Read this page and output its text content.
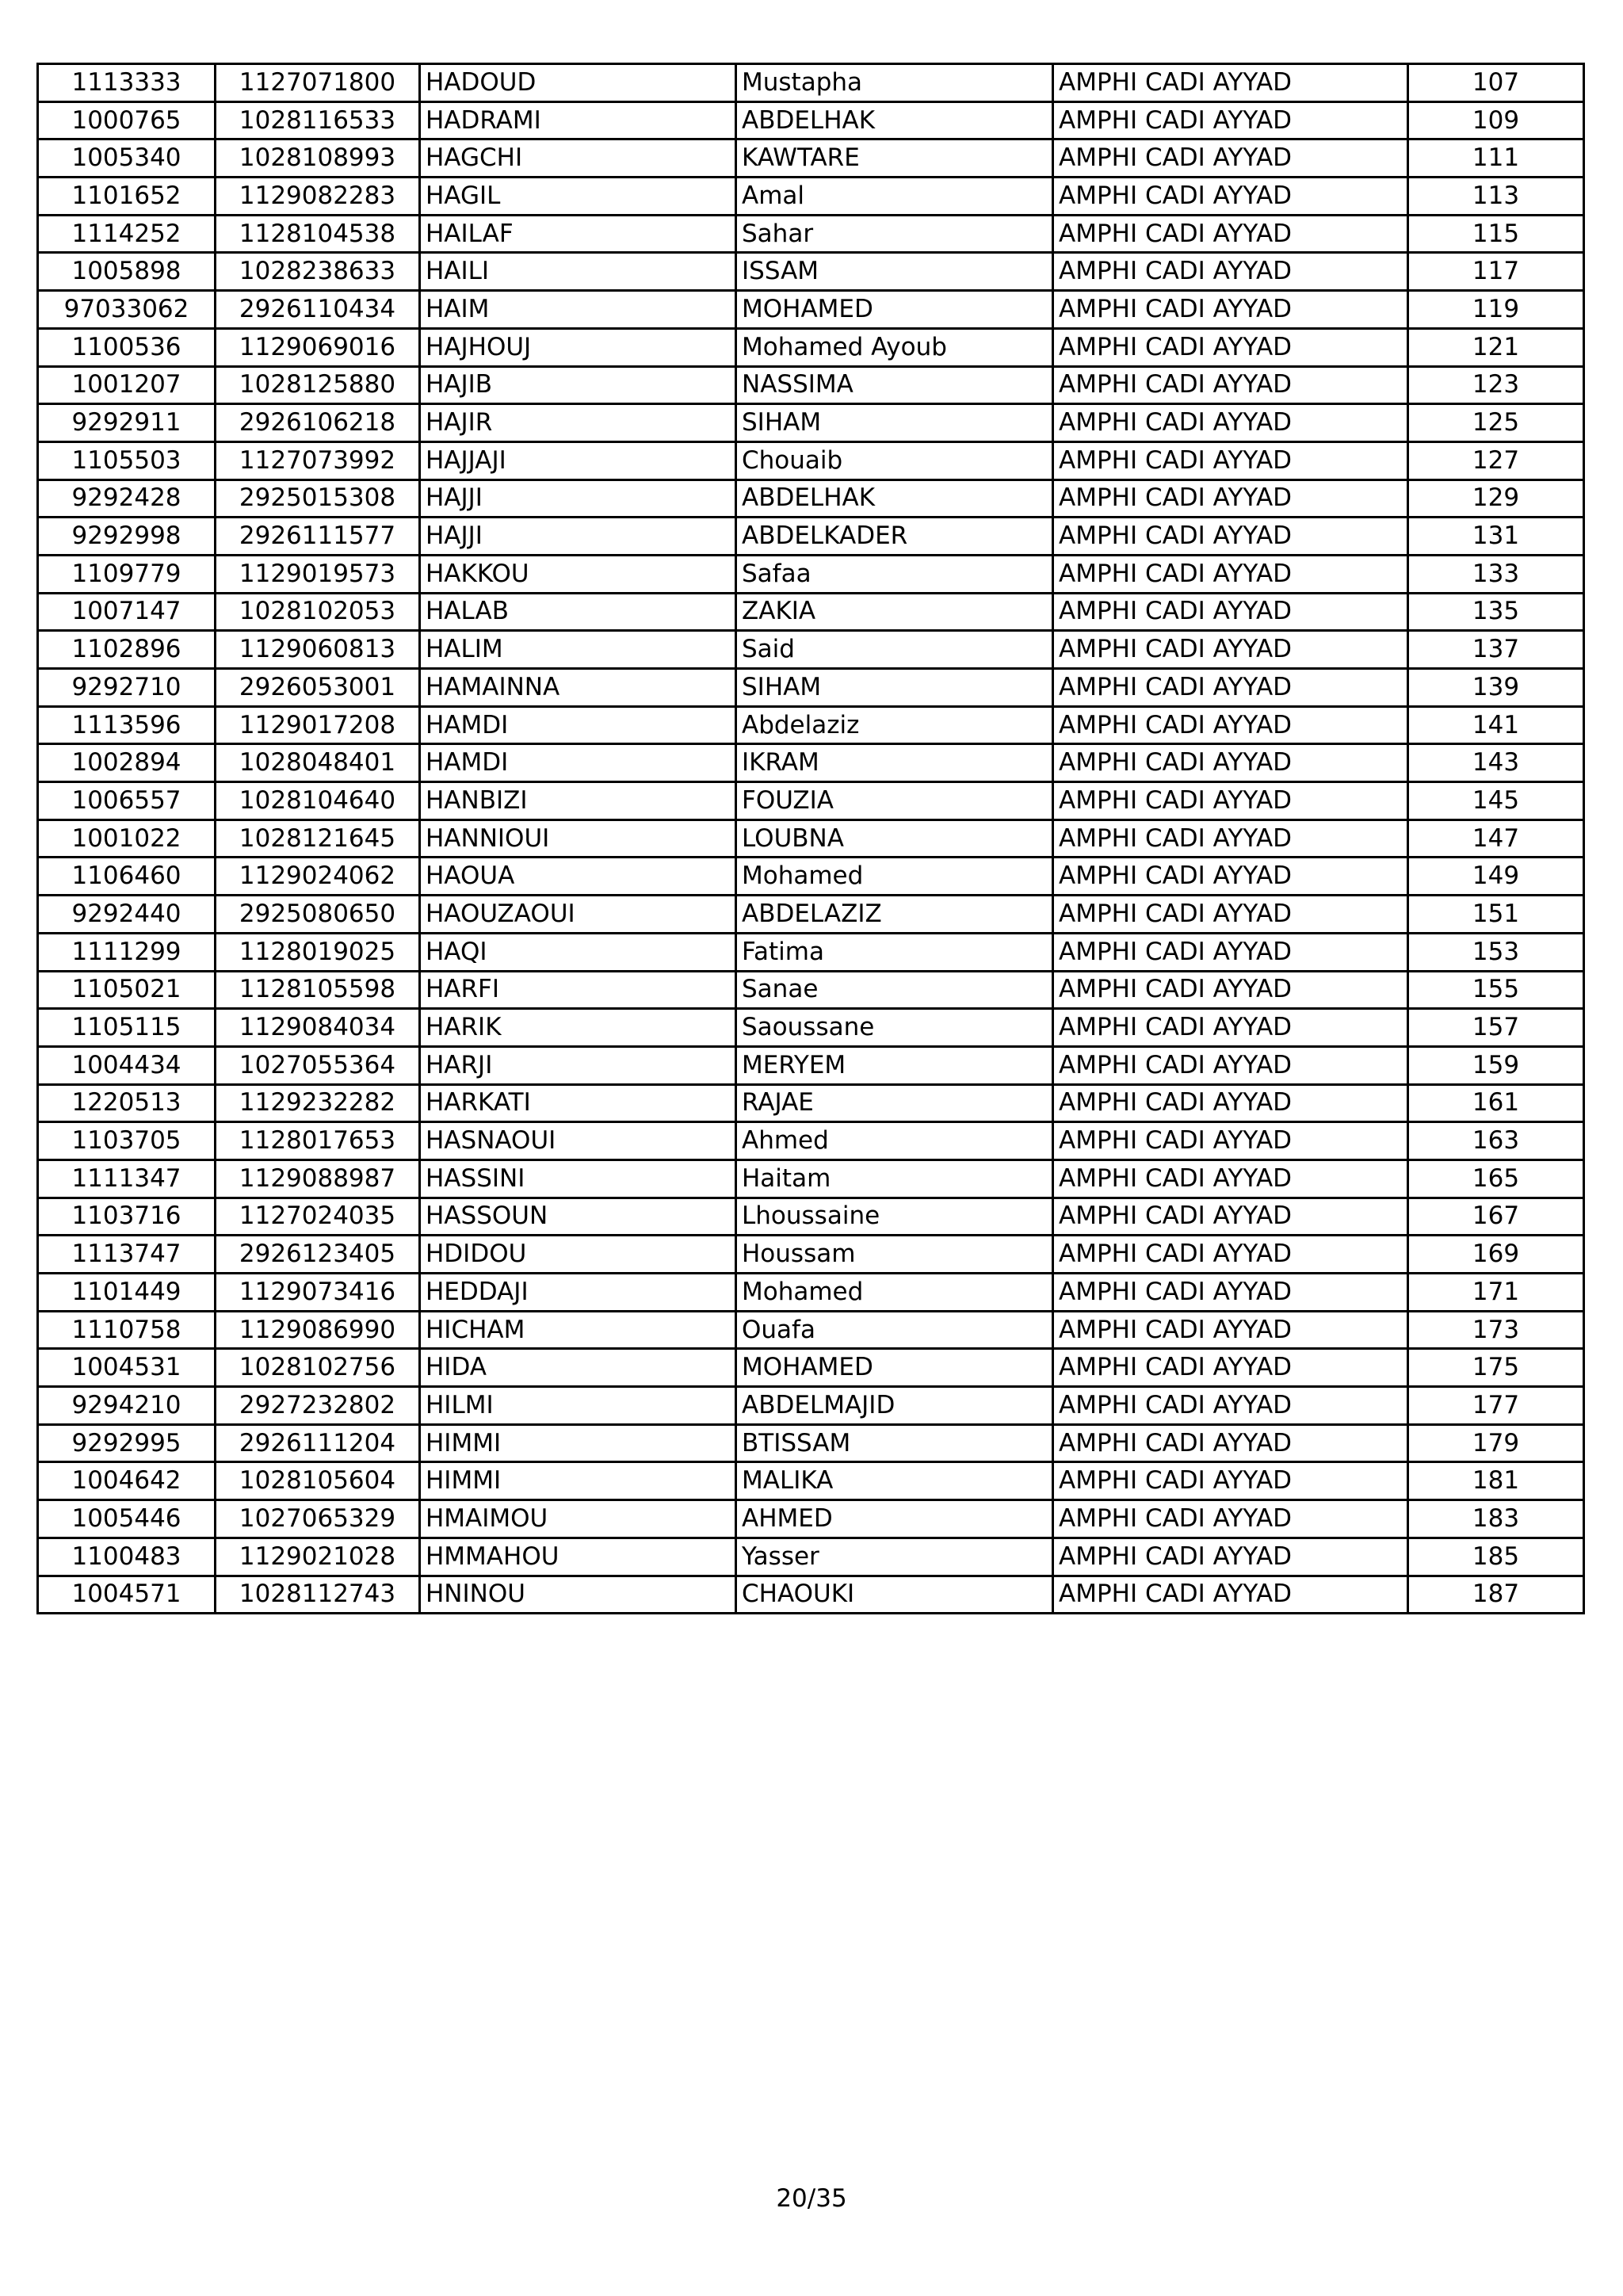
1113333	1127071800	HADOUD	Mustapha	AMPHI CADI AYYAD	107
1000765	1028116533	HADRAMI	ABDELHAK	AMPHI CADI AYYAD	109
1005340	1028108993	HAGCHI	KAWTARE	AMPHI CADI AYYAD	111
1101652	1129082283	HAGIL	Amal	AMPHI CADI AYYAD	113
1114252	1128104538	HAILAF	Sahar	AMPHI CADI AYYAD	115
1005898	1028238633	HAILI	ISSAM	AMPHI CADI AYYAD	117
97033062	2926110434	HAIM	MOHAMED	AMPHI CADI AYYAD	119
1100536	1129069016	HAJHOUJ	Mohamed Ayoub	AMPHI CADI AYYAD	121
1001207	1028125880	HAJIB	NASSIMA	AMPHI CADI AYYAD	123
9292911	2926106218	HAJIR	SIHAM	AMPHI CADI AYYAD	125
1105503	1127073992	HAJJAJI	Chouaib	AMPHI CADI AYYAD	127
9292428	2925015308	HAJJI	ABDELHAK	AMPHI CADI AYYAD	129
9292998	2926111577	HAJJI	ABDELKADER	AMPHI CADI AYYAD	131
1109779	1129019573	HAKKOU	Safaa	AMPHI CADI AYYAD	133
1007147	1028102053	HALAB	ZAKIA	AMPHI CADI AYYAD	135
1102896	1129060813	HALIM	Said	AMPHI CADI AYYAD	137
9292710	2926053001	HAMAINNA	SIHAM	AMPHI CADI AYYAD	139
1113596	1129017208	HAMDI	Abdelaziz	AMPHI CADI AYYAD	141
1002894	1028048401	HAMDI	IKRAM	AMPHI CADI AYYAD	143
1006557	1028104640	HANBIZI	FOUZIA	AMPHI CADI AYYAD	145
1001022	1028121645	HANNIOUI	LOUBNA	AMPHI CADI AYYAD	147
1106460	1129024062	HAOUA	Mohamed	AMPHI CADI AYYAD	149
9292440	2925080650	HAOUZAOUI	ABDELAZIZ	AMPHI CADI AYYAD	151
1111299	1128019025	HAQI	Fatima	AMPHI CADI AYYAD	153
1105021	1128105598	HARFI	Sanae	AMPHI CADI AYYAD	155
1105115	1129084034	HARIK	Saoussane	AMPHI CADI AYYAD	157
1004434	1027055364	HARJI	MERYEM	AMPHI CADI AYYAD	159
1220513	1129232282	HARKATI	RAJAE	AMPHI CADI AYYAD	161
1103705	1128017653	HASNAOUI	Ahmed	AMPHI CADI AYYAD	163
1111347	1129088987	HASSINI	Haitam	AMPHI CADI AYYAD	165
1103716	1127024035	HASSOUN	Lhoussaine	AMPHI CADI AYYAD	167
1113747	2926123405	HDIDOU	Houssam	AMPHI CADI AYYAD	169
1101449	1129073416	HEDDAJI	Mohamed	AMPHI CADI AYYAD	171
1110758	1129086990	HICHAM	Ouafa	AMPHI CADI AYYAD	173
1004531	1028102756	HIDA	MOHAMED	AMPHI CADI AYYAD	175
9294210	2927232802	HILMI	ABDELMAJID	AMPHI CADI AYYAD	177
9292995	2926111204	HIMMI	BTISSAM	AMPHI CADI AYYAD	179
1004642	1028105604	HIMMI	MALIKA	AMPHI CADI AYYAD	181
1005446	1027065329	HMAIMOU	AHMED	AMPHI CADI AYYAD	183
1100483	1129021028	HMMAHOU	Yasser	AMPHI CADI AYYAD	185
1004571	1028112743	HNINOU	CHAOUKI	AMPHI CADI AYYAD	187
20/35
